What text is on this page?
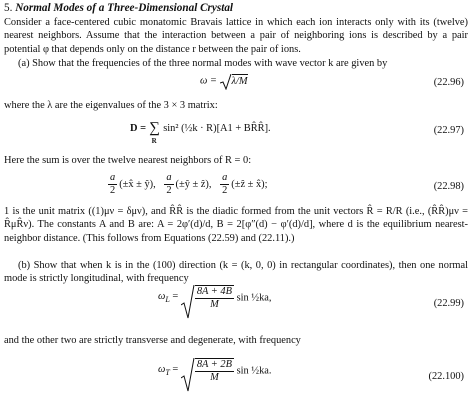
5. Normal Modes of a Three-Dimensional Crystal
Consider a face-centered cubic monatomic Bravais lattice in which each ion interacts only with its (twelve) nearest neighbors. Assume that the interaction between a pair of neighboring ions is described by a pair potential φ that depends only on the distance r between the pair of ions.
(a) Show that the frequencies of the three normal modes with wave vector k are given by
ω =
λ/M	(22.96)
where the λ are the eigenvalues of the 3 × 3 matrix:
D = ∑
R
sin² (½k · R)[A1 + BR̂R̂].	(22.97)
Here the sum is over the twelve nearest neighbors of R = 0:
$\frac{a}{2}$ (±x̂ ± ŷ), $\frac{a}{2}$ (±ŷ ± ẑ), $\frac{a}{2}$ (±ẑ ± x̂);	(22.98)
1 is the unit matrix ((1)μν = δμν), and R̂R̂ is the diadic formed from the unit vectors R̂ = R/R (i.e., (R̂R̂)μν = R̂μR̂ν). The constants A and B are: A = 2φ′(d)/d, B = 2[φ″(d) − φ′(d)/d], where d is the equilibrium nearest-neighbor distance. (This follows from Equations (22.59) and (22.11).)
(b) Show that when k is in the (100) direction (k = (k, 0, 0) in rectangular coordinates), then one normal mode is strictly longitudinal, with frequency
$\omega_L = \frac{8A + 4B}{M}$ sin ½ka,
(22.99)
and the other two are strictly transverse and degenerate, with frequency
$\omega_T = \frac{8A + 2B}{M}$ sin ½ka.
(22.100)
